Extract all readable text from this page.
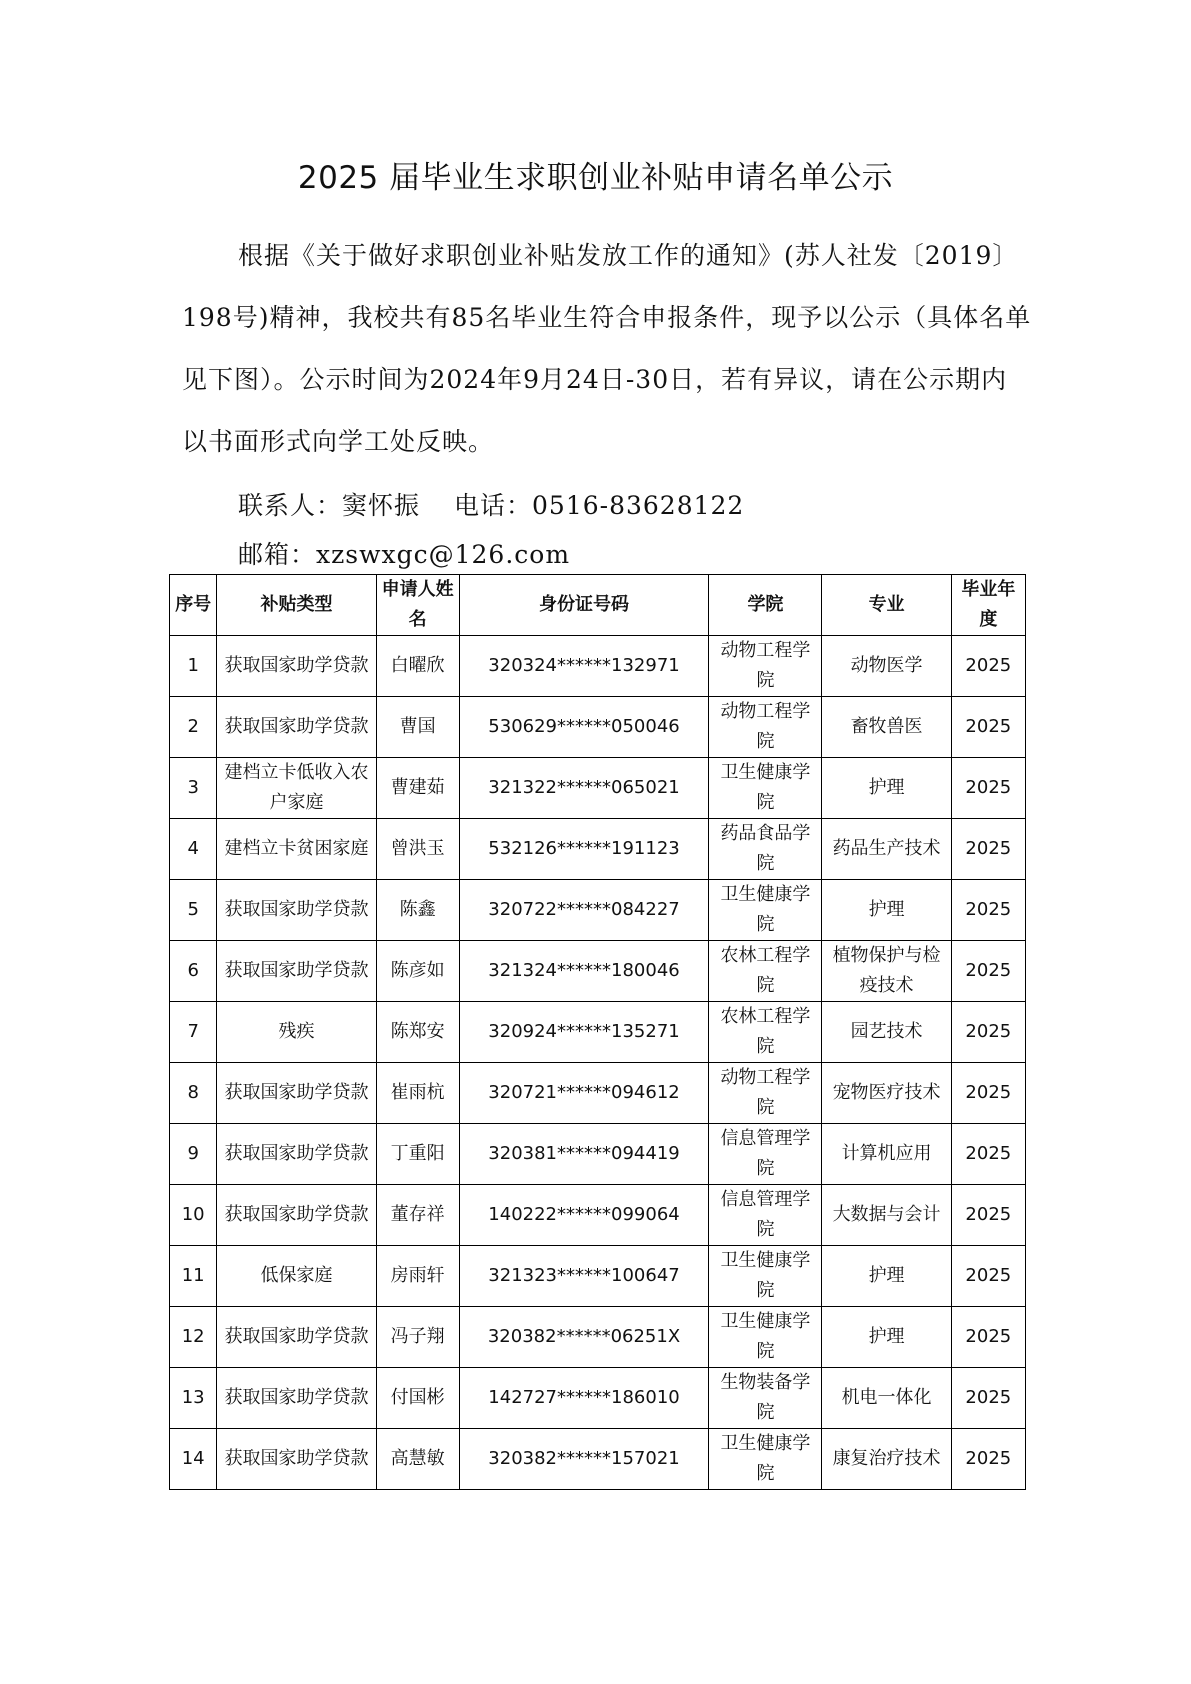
2025 届毕业生求职创业补贴申请名单公示
根据《关于做好求职创业补贴发放工作的通知》(苏人社发〔2019〕198号)精神，我校共有85名毕业生符合申报条件，现予以公示（具体名单见下图）。公示时间为2024年9月24日-30日，若有异议，请在公示期内以书面形式向学工处反映。
联系人：窦怀振 电话：0516-83628122
邮箱：xzswxgc@126.com
序号	补贴类型	申请人姓名	身份证号码	学院	专业	毕业年度
1	获取国家助学贷款	白曜欣	320324******132971	动物工程学院	动物医学	2025
2	获取国家助学贷款	曹国	530629******050046	动物工程学院	畜牧兽医	2025
3	建档立卡低收入农户家庭	曹建茹	321322******065021	卫生健康学院	护理	2025
4	建档立卡贫困家庭	曾洪玉	532126******191123	药品食品学院	药品生产技术	2025
5	获取国家助学贷款	陈鑫	320722******084227	卫生健康学院	护理	2025
6	获取国家助学贷款	陈彦如	321324******180046	农林工程学院	植物保护与检疫技术	2025
7	残疾	陈郑安	320924******135271	农林工程学院	园艺技术	2025
8	获取国家助学贷款	崔雨杭	320721******094612	动物工程学院	宠物医疗技术	2025
9	获取国家助学贷款	丁重阳	320381******094419	信息管理学院	计算机应用	2025
10	获取国家助学贷款	董存祥	140222******099064	信息管理学院	大数据与会计	2025
11	低保家庭	房雨轩	321323******100647	卫生健康学院	护理	2025
12	获取国家助学贷款	冯子翔	320382******06251X	卫生健康学院	护理	2025
13	获取国家助学贷款	付国彬	142727******186010	生物装备学院	机电一体化	2025
14	获取国家助学贷款	高慧敏	320382******157021	卫生健康学院	康复治疗技术	2025
